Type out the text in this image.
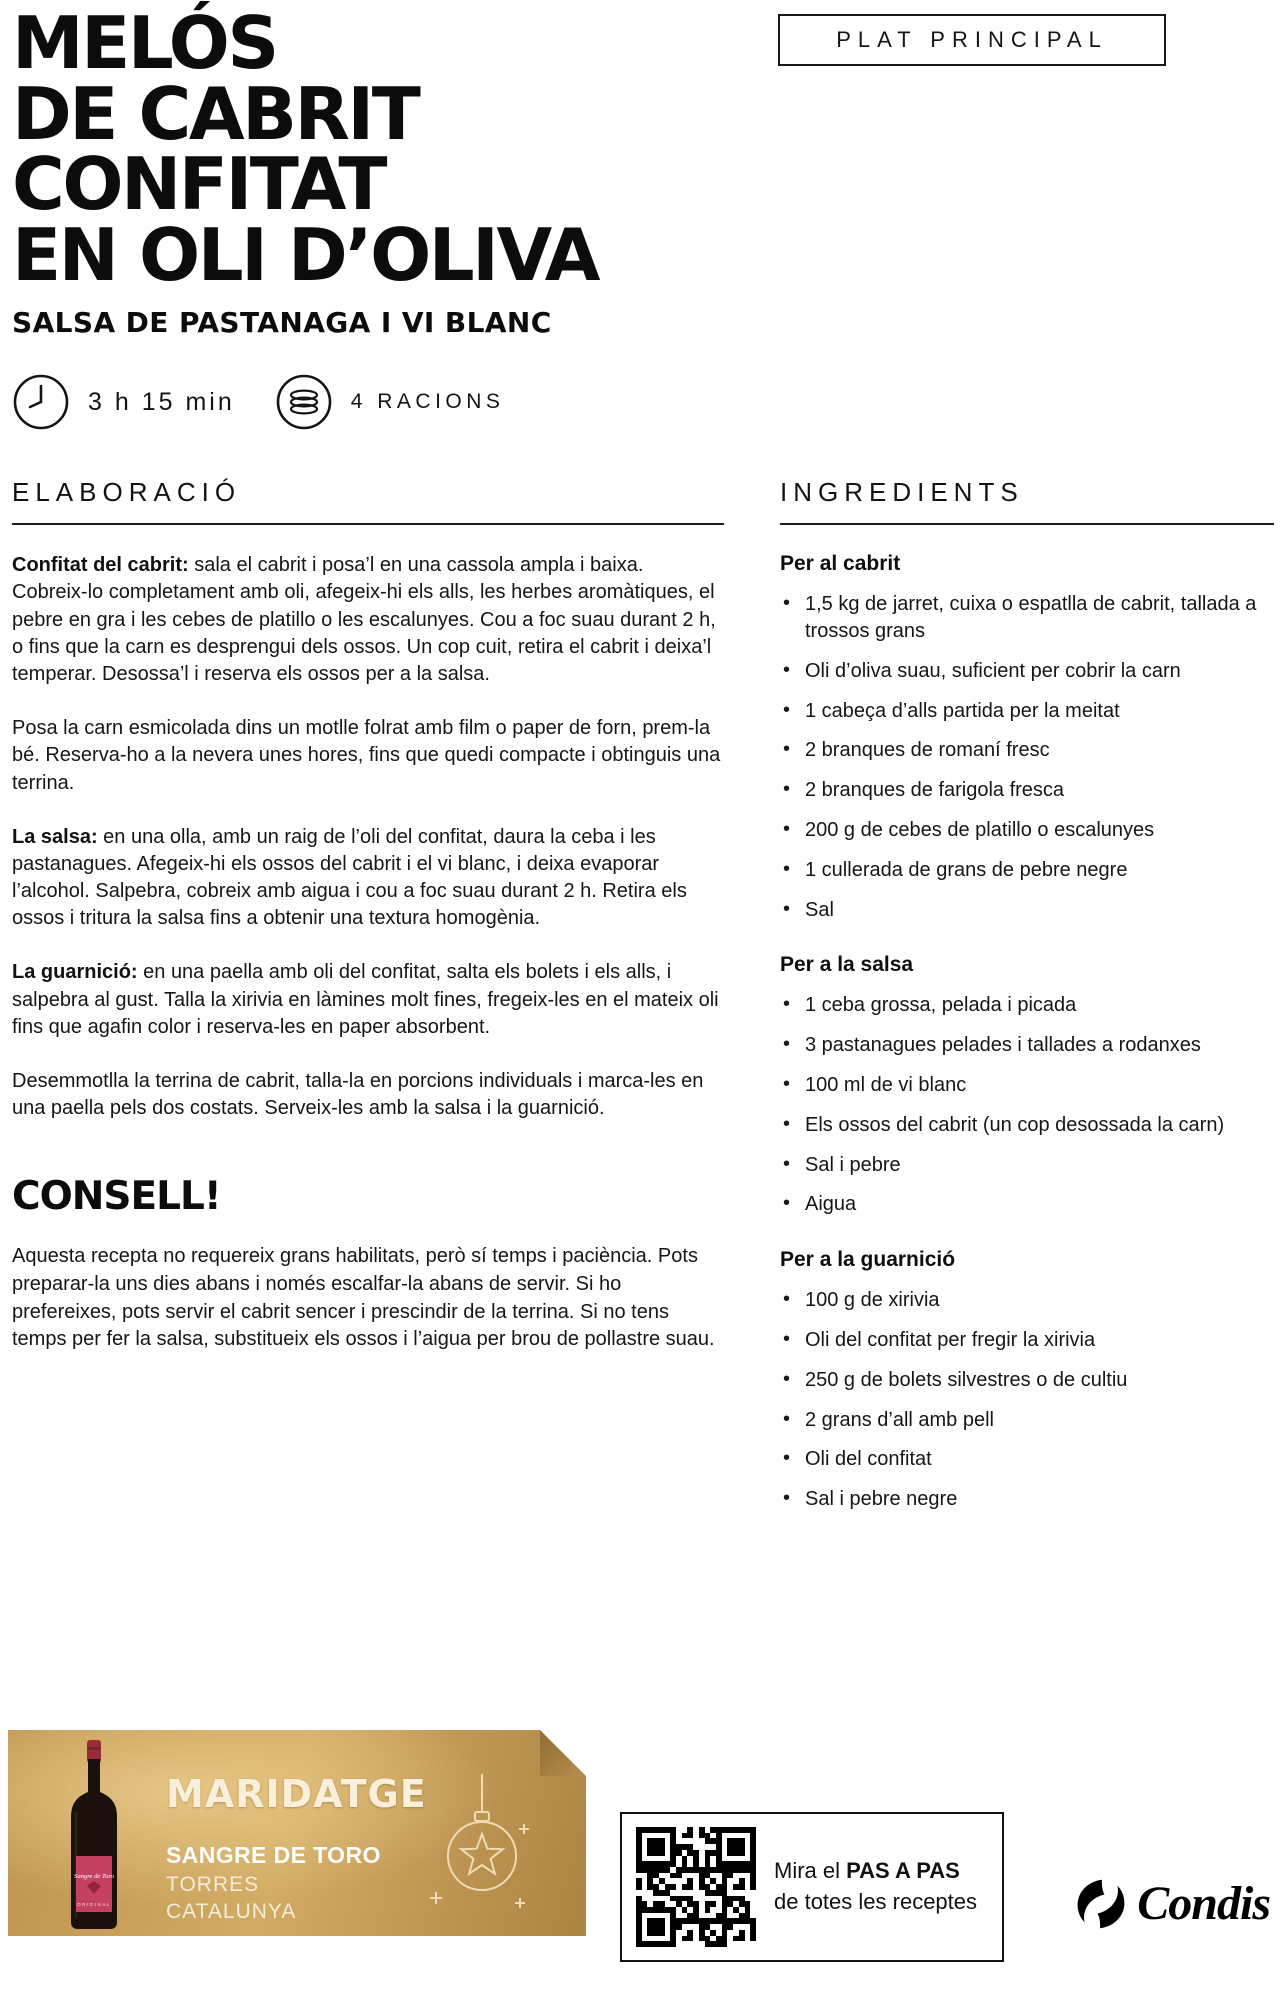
PLAT PRINCIPAL
MELÓS
DE CABRIT
CONFITAT
EN OLI D’OLIVA
SALSA DE PASTANAGA I VI BLANC
3 h 15 min	4 RACIONS
ELABORACIÓ

Confitat del cabrit: sala el cabrit i posa’l en una cassola ampla i baixa. Cobreix-lo completament amb oli, afegeix-hi els alls, les herbes aromàtiques, el pebre en gra i les cebes de platillo o les escalunyes. Cou a foc suau durant 2 h, o fins que la carn es desprengui dels ossos. Un cop cuit, retira el cabrit i deixa’l temperar. Desossa’l i reserva els ossos per a la salsa.

Posa la carn esmicolada dins un motlle folrat amb film o paper de forn, prem-la bé. Reserva-ho a la nevera unes hores, fins que quedi compacte i obtinguis una terrina.

La salsa: en una olla, amb un raig de l’oli del confitat, daura la ceba i les pastanagues. Afegeix-hi els ossos del cabrit i el vi blanc, i deixa evaporar l’alcohol. Salpebra, cobreix amb aigua i cou a foc suau durant 2 h. Retira els ossos i tritura la salsa fins a obtenir una textura homogènia.

La guarnició: en una paella amb oli del confitat, salta els bolets i els alls, i salpebra al gust. Talla la xirivia en làmines molt fines, fregeix-les en el mateix oli fins que agafin color i reserva-les en paper absorbent.

Desemmotlla la terrina de cabrit, talla-la en porcions individuals i marca-les en una paella pels dos costats. Serveix-les amb la salsa i la guarnició.

CONSELL!

Aquesta recepta no requereix grans habilitats, però sí temps i paciència. Pots preparar-la uns dies abans i només escalfar-la abans de servir. Si ho prefereixes, pots servir el cabrit sencer i prescindir de la terrina. Si no tens temps per fer la salsa, substitueix els ossos i l’aigua per brou de pollastre suau.

INGREDIENTS
Per al cabrit
• 1,5 kg de jarret, cuixa o espatlla de cabrit, tallada a trossos grans
• Oli d’oliva suau, suficient per cobrir la carn
• 1 cabeça d’alls partida per la meitat
• 2 branques de romaní fresc
• 2 branques de farigola fresca
• 200 g de cebes de platillo o escalunyes
• 1 cullerada de grans de pebre negre
• Sal
Per a la salsa
• 1 ceba grossa, pelada i picada
• 3 pastanagues pelades i tallades a rodanxes
• 100 ml de vi blanc
• Els ossos del cabrit (un cop desossada la carn)
• Sal i pebre
• Aigua
Per a la guarnició
• 100 g de xirivia
• Oli del confitat per fregir la xirivia
• 250 g de bolets silvestres o de cultiu
• 2 grans d’all amb pell
• Oli del confitat
• Sal i pebre negre
Sangre de Toro
ORIGINAL
MARIDATGE
SANGRE DE TORO
TORRES
CATALUNYA
Mira el PAS A PAS
de totes les receptes	Condis
